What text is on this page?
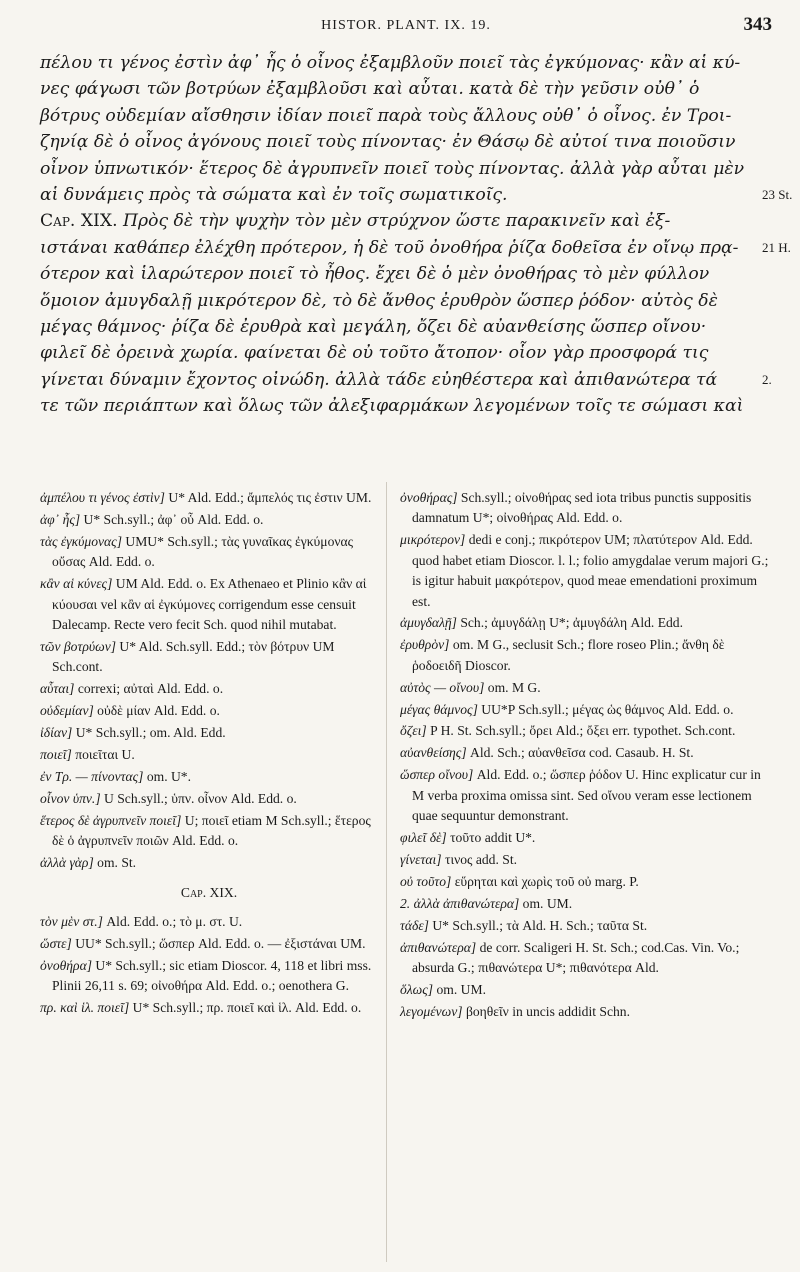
HISTOR. PLANT. IX. 19.	343
πέλου τι γένος ἐστὶν ἀφ᾿ ἧς ὁ οἶνος ἐξαμβλοῦν ποιεῖ τὰς ἐγκύμονας· κἂν αἱ κύ-
νες φάγωσι τῶν βοτρύων ἐξαμβλοῦσι καὶ αὗται. κατὰ δὲ τὴν γεῦσιν οὐθ᾿ ὁ
βότρυς οὐδεμίαν αἴσθησιν ἰδίαν ποιεῖ παρὰ τοὺς ἄλλους οὐθ᾿ ὁ οἶνος. ἐν Τροι-
ζηνίᾳ δὲ ὁ οἶνος ἀγόνους ποιεῖ τοὺς πίνοντας· ἐν Θάσῳ δὲ αὐτοί τινα ποιοῦσιν
οἶνον ὑπνωτικόν· ἕτερος δὲ ἀγρυπνεῖν ποιεῖ τοὺς πίνοντας. ἀλλὰ γὰρ αὗται μὲν
αἱ δυνάμεις πρὸς τὰ σώματα καὶ ἐν τοῖς σωματικοῖς.
Cap. XIX. Πρὸς δὲ τὴν ψυχὴν τὸν μὲν στρύχνον ὥστε παρακινεῖν καὶ ἐξ-
ιστάναι καθάπερ ἐλέχθη πρότερον, ἡ δὲ τοῦ ὀνοθήρα ῥίζα δοθεῖσα ἐν οἴνῳ πρᾳ-
ότερον καὶ ἱλαρώτερον ποιεῖ τὸ ἦθος. ἔχει δὲ ὁ μὲν ὀνοθήρας τὸ μὲν φύλλον
ὅμοιον ἀμυγδαλῇ μικρότερον δὲ, τὸ δὲ ἄνθος ἐρυθρὸν ὥσπερ ῥόδον· αὐτὸς δὲ
μέγας θάμνος· ῥίζα δὲ ἐρυθρὰ καὶ μεγάλη, ὄζει δὲ αὐανθείσης ὥσπερ οἴνου·
φιλεῖ δὲ ὀρεινὰ χωρία. φαίνεται δὲ οὐ τοῦτο ἄτοπον· οἷον γὰρ προσφορά τις
γίνεται δύναμιν ἔχοντος οἰνώδη. ἀλλὰ τάδε εὐηθέστερα καὶ ἀπιθανώτερα τά
τε τῶν περιάπτων καὶ ὅλως τῶν ἀλεξιφαρμάκων λεγομένων τοῖς τε σώμασι καὶ
23 St.
21 H.
2.
ἀμπέλου τι γένος ἐστὶν] U* Ald. Edd.; ἄμπελός τις ἐστιν UM.
ἀφ᾿ ἧς] U* Sch.syll.; ἀφ᾿ οὗ Ald. Edd. o.
τὰς ἐγκύμονας] UMU* Sch.syll.; τὰς γυναῖκας ἐγκύμονας οὔσας Ald. Edd. o.
κἂν αἱ κύνες] UM Ald. Edd. o. Ex Athenaeo et Plinio κἂν αἱ κύουσαι vel κἂν αἱ ἐγκύμονες corrigendum esse censuit Dalecamp. Recte vero fecit Sch. quod nihil mutabat.
τῶν βοτρύων] U* Ald. Sch.syll. Edd.; τὸν βότρυν UM Sch.cont.
αὗται] correxi; αὐταὶ Ald. Edd. o.
οὐδεμίαν] οὐδὲ μίαν Ald. Edd. o.
ἰδίαν] U* Sch.syll.; om. Ald. Edd.
ποιεῖ] ποιεῖται U.
ἐν Τρ. — πίνοντας] om. U*.
οἶνον ὑπν.] U Sch.syll.; ὑπν. οἶνον Ald. Edd. o.
ἕτερος δὲ ἀγρυπνεῖν ποιεῖ] U; ποιεῖ etiam M Sch.syll.; ἕτερος δὲ ὁ ἀγρυπνεῖν ποιῶν Ald. Edd. o.
ἀλλὰ γὰρ] om. St.
Cap. XIX.
τὸν μὲν στ.] Ald. Edd. o.; τὸ μ. στ. U.
ὥστε] UU* Sch.syll.; ὥσπερ Ald. Edd. o. — ἐξιστάναι UM.
ὀνοθήρα] U* Sch.syll.; sic etiam Dioscor. 4, 118 et libri mss. Plinii 26,11 s. 69; οἰνοθήρα Ald. Edd. o.; oenothera G.
πρ. καὶ ἱλ. ποιεῖ] U* Sch.syll.; πρ. ποιεῖ καὶ ἱλ. Ald. Edd. o.
ὀνοθήρας] Sch.syll.; οἰνοθήρας sed iota tribus punctis suppositis damnatum U*; οἰνοθήρας Ald. Edd. o.
μικρότερον] dedi e conj.; πικρότερον UM; πλατύτερον Ald. Edd. quod habet etiam Dioscor. l. l.; folio amygdalae verum majori G.; is igitur habuit μακρότερον, quod meae emendationi proximum est.
ἀμυγδαλῇ] Sch.; ἀμυγδάλῃ U*; ἀμυγδάλη Ald. Edd.
ἐρυθρὸν] om. M G., seclusit Sch.; flore roseo Plin.; ἄνθη δὲ ῥοδοειδῆ Dioscor.
αὐτὸς — οἴνου] om. M G.
μέγας θάμνος] UU*P Sch.syll.; μέγας ὡς θάμνος Ald. Edd. o.
ὄζει] P H. St. Sch.syll.; ὄρει Ald.; ὄξει err. typothet. Sch.cont.
αὐανθείσης] Ald. Sch.; αὐανθεῖσα cod. Casaub. H. St.
ὥσπερ οἴνου] Ald. Edd. o.; ὥσπερ ῥόδον U. Hinc explicatur cur in M verba proxima omissa sint. Sed οἴνου veram esse lectionem quae sequuntur demonstrant.
φιλεῖ δὲ] τοῦτο addit U*.
γίνεται] τινος add. St.
οὐ τοῦτο] εὕρηται καὶ χωρὶς τοῦ οὐ marg. P.
2. ἀλλὰ ἀπιθανώτερα] om. UM.
τάδε] U* Sch.syll.; τὰ Ald. H. Sch.; ταῦτα St.
ἀπιθανώτερα] de corr. Scaligeri H. St. Sch.; cod.Cas. Vin. Vo.; absurda G.; πιθανώτερα U*; πιθανότερα Ald.
ὅλως] om. UM.
λεγομένων] βοηθεῖν in uncis addidit Schn.
